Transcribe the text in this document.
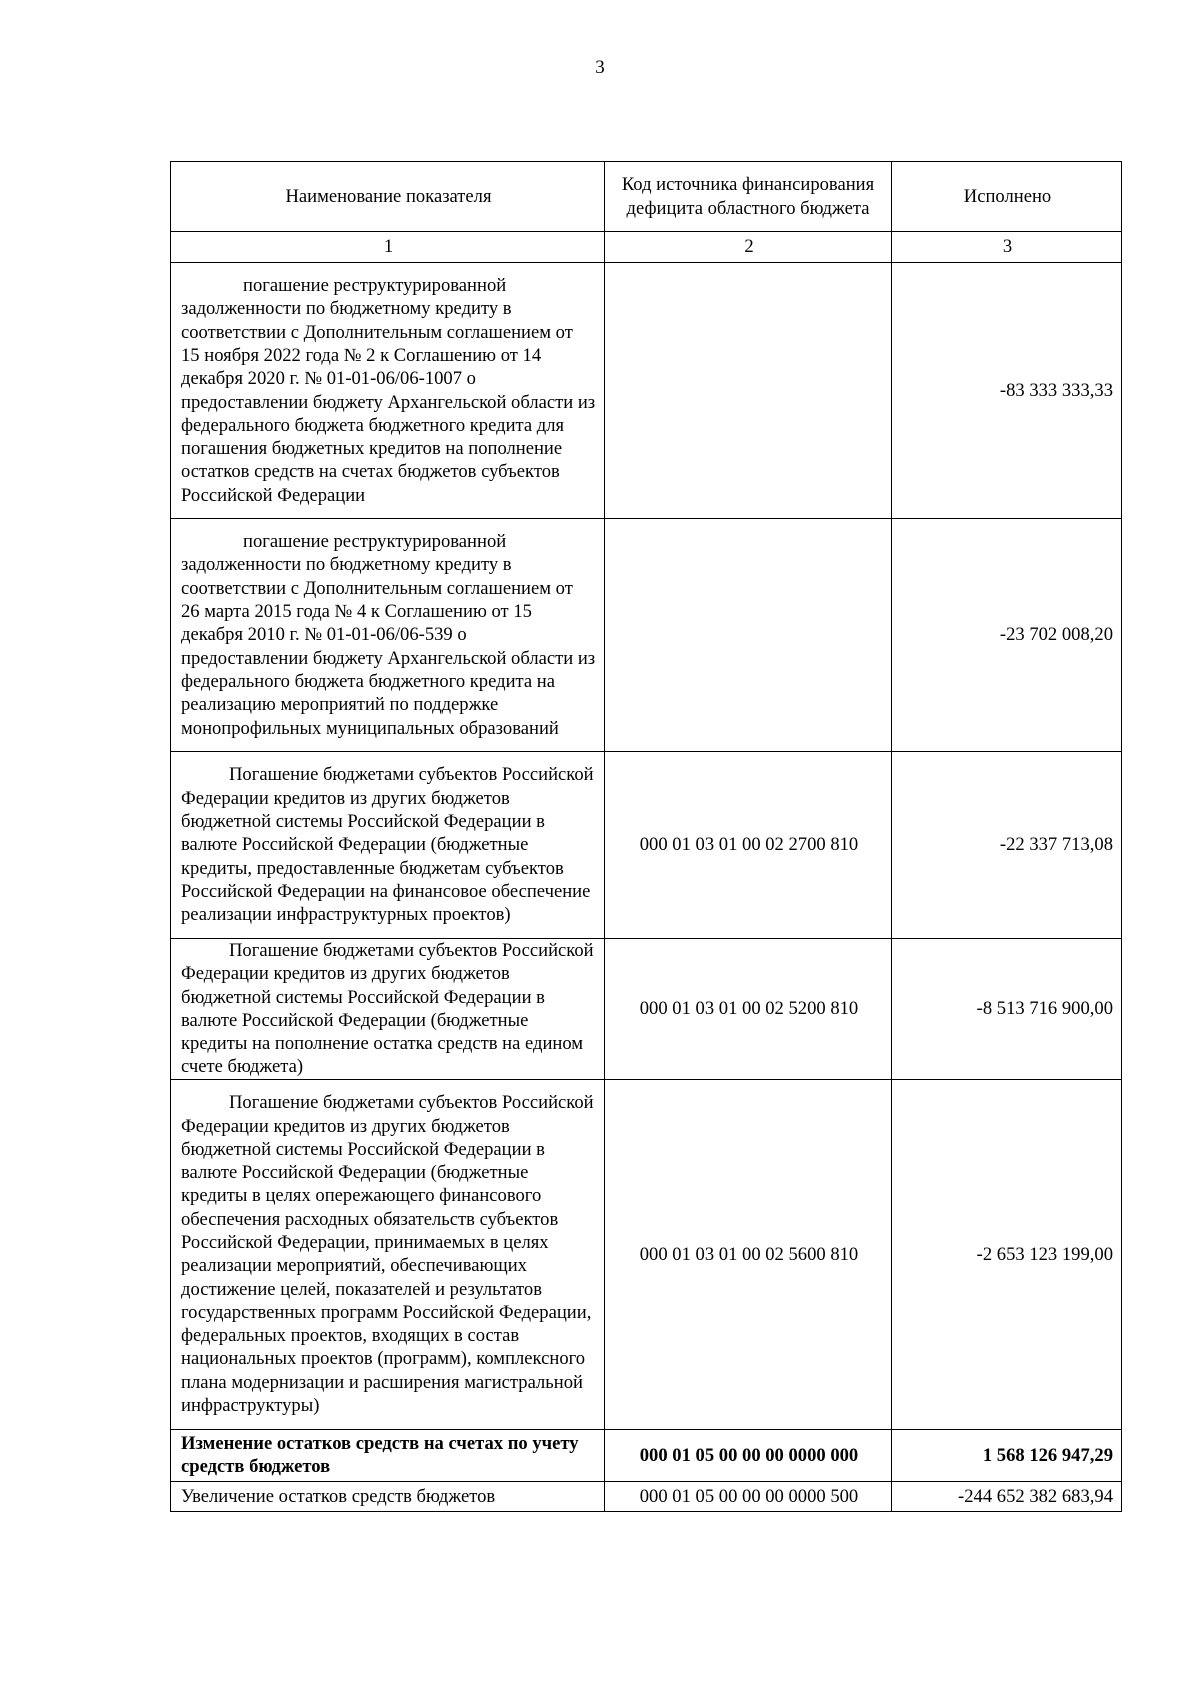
3
Наименование показателя	Код источника финансирования дефицита областного бюджета	Исполнено
1	2	3
погашение реструктурированной задолженности по бюджетному кредиту в соответствии с Дополнительным соглашением от 15 ноября 2022 года № 2 к Соглашению от 14 декабря 2020 г. № 01-01-06/06-1007 о предоставлении бюджету Архангельской области из федерального бюджета бюджетного кредита для погашения бюджетных кредитов на пополнение остатков средств на счетах бюджетов субъектов Российской Федерации		-83 333 333,33
погашение реструктурированной задолженности по бюджетному кредиту в соответствии с Дополнительным соглашением от 26 марта 2015 года № 4 к Соглашению от 15 декабря 2010 г. № 01-01-06/06-539 о предоставлении бюджету Архангельской области из федерального бюджета бюджетного кредита на реализацию мероприятий по поддержке монопрофильных муниципальных образований		-23 702 008,20
Погашение бюджетами субъектов Российской Федерации кредитов из других бюджетов бюджетной системы Российской Федерации в валюте Российской Федерации (бюджетные кредиты, предоставленные бюджетам субъектов Российской Федерации на финансовое обеспечение реализации инфраструктурных проектов)	000 01 03 01 00 02 2700 810	-22 337 713,08
Погашение бюджетами субъектов Российской Федерации кредитов из других бюджетов бюджетной системы Российской Федерации в валюте Российской Федерации (бюджетные кредиты на пополнение остатка средств на едином счете бюджета)	000 01 03 01 00 02 5200 810	-8 513 716 900,00
Погашение бюджетами субъектов Российской Федерации кредитов из других бюджетов бюджетной системы Российской Федерации в валюте Российской Федерации (бюджетные кредиты в целях опережающего финансового обеспечения расходных обязательств субъектов Российской Федерации, принимаемых в целях реализации мероприятий, обеспечивающих достижение целей, показателей и результатов государственных программ Российской Федерации, федеральных проектов, входящих в состав национальных проектов (программ), комплексного плана модернизации и расширения магистральной инфраструктуры)	000 01 03 01 00 02 5600 810	-2 653 123 199,00
Изменение остатков средств на счетах по учету средств бюджетов	000 01 05 00 00 00 0000 000	1 568 126 947,29
Увеличение остатков средств бюджетов	000 01 05 00 00 00 0000 500	-244 652 382 683,94
